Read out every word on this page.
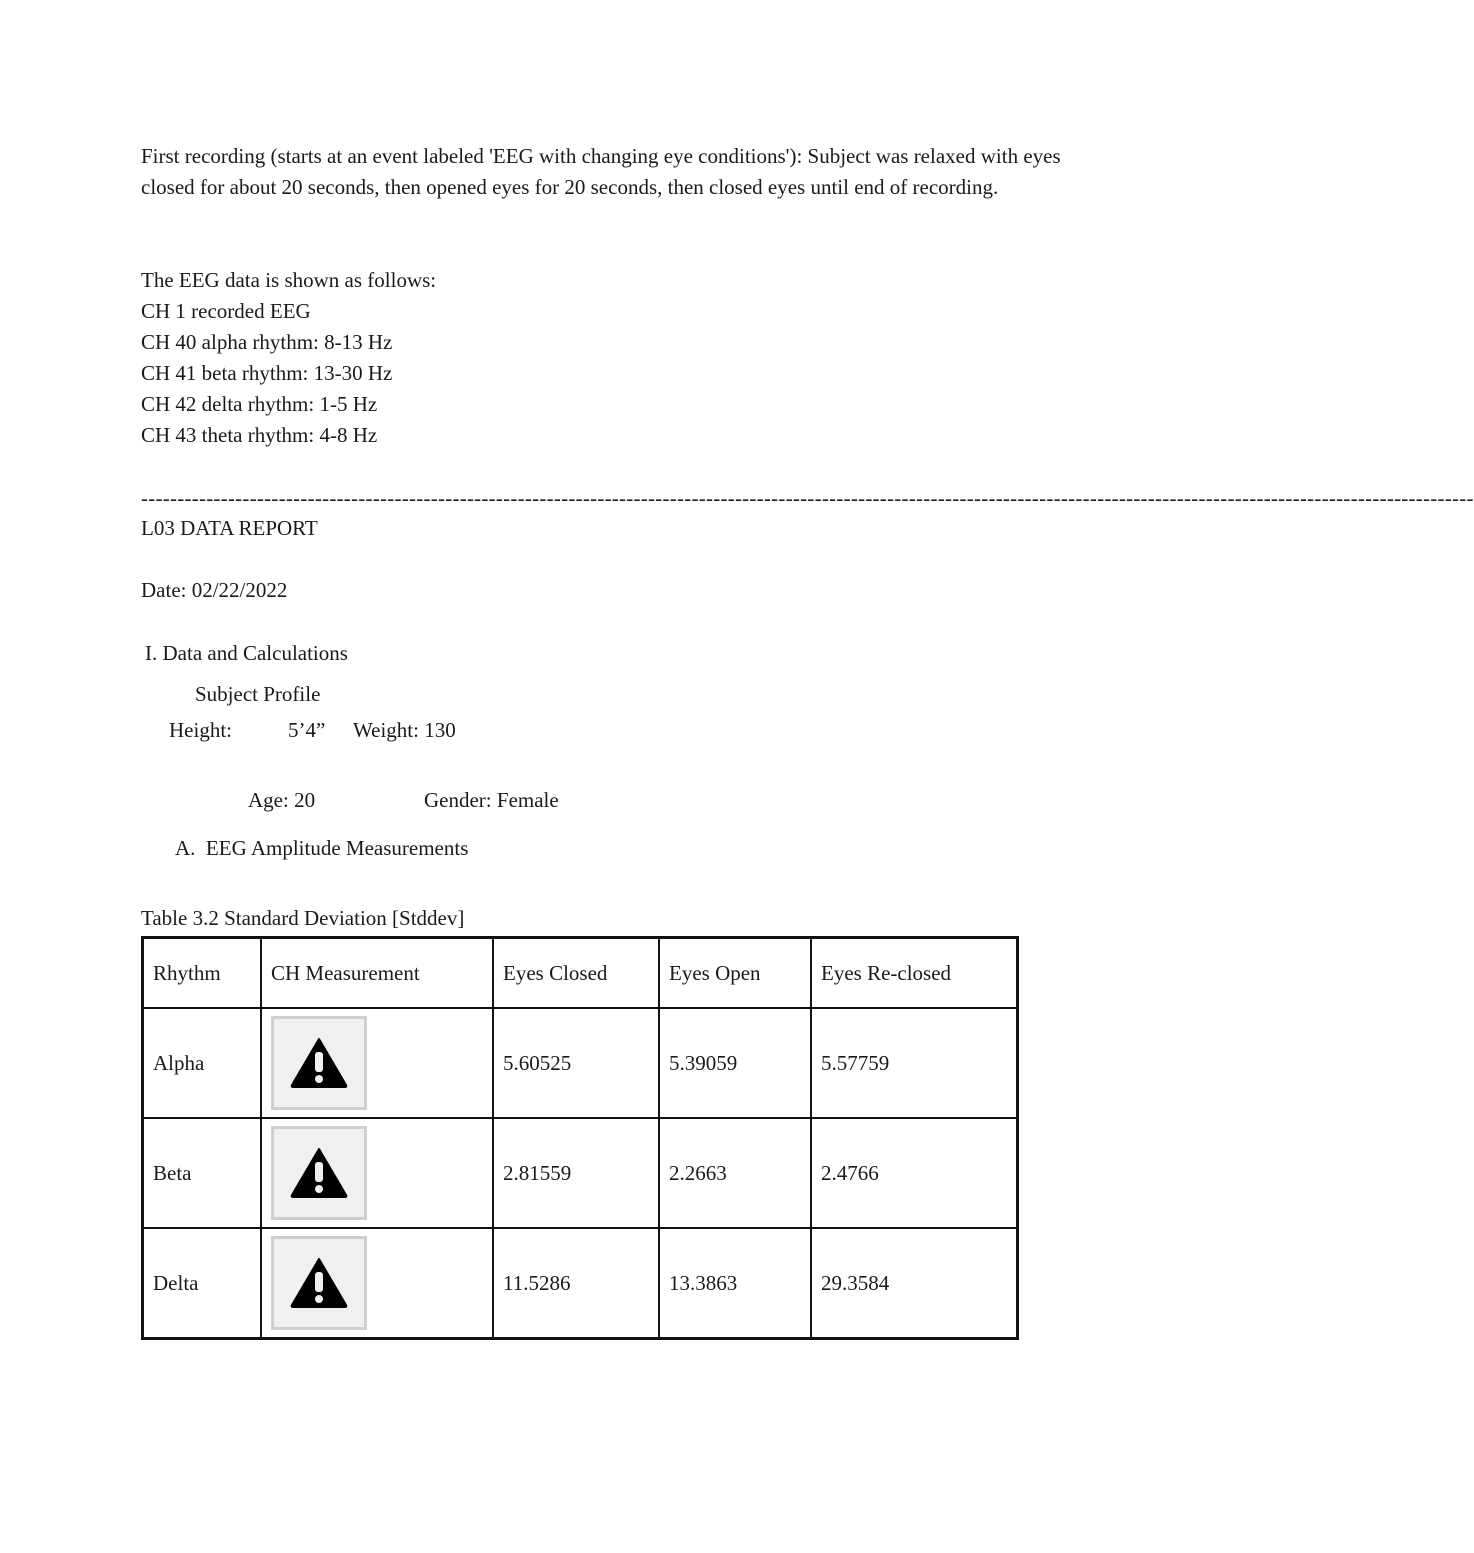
First recording (starts at an event labeled 'EEG with changing eye conditions'): Subject was relaxed with eyes closed for about 20 seconds, then opened eyes for 20 seconds, then closed eyes until end of recording.
The EEG data is shown as follows:
CH 1 recorded EEG
CH 40 alpha rhythm: 8-13 Hz
CH 41 beta rhythm: 13-30 Hz
CH 42 delta rhythm: 1-5 Hz
CH 43 theta rhythm: 4-8 Hz
----------------------------------------------------------------------------------------------------------------------------------------------------------------------------------------
L03 DATA REPORT
Date: 02/22/2022
I. Data and Calculations
Subject Profile
Height:	5’4” Weight: 130
Age: 20	Gender: Female
A.  EEG Amplitude Measurements
Table 3.2 Standard Deviation [Stddev]
Rhythm	CH Measurement	Eyes Closed	Eyes Open	Eyes Re-closed
Alpha		5.60525	5.39059	5.57759
Beta		2.81559	2.2663	2.4766
Delta		11.5286	13.3863	29.3584
